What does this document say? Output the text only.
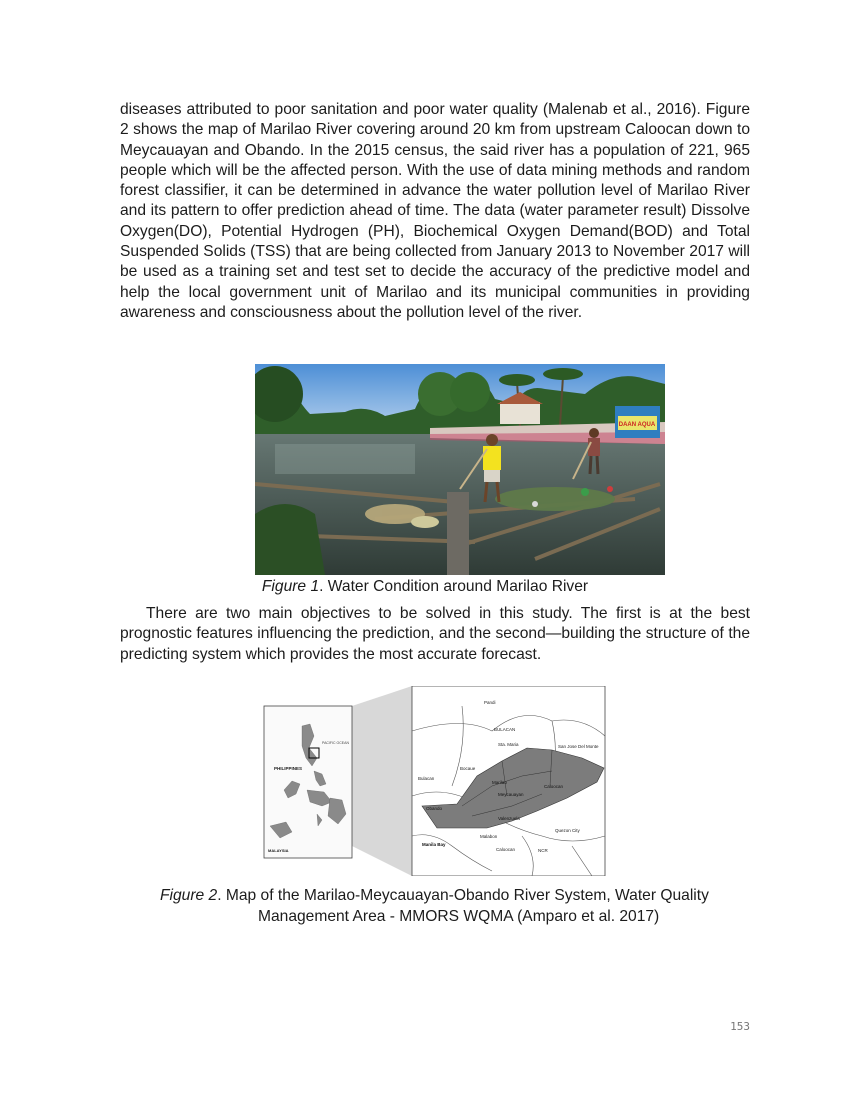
diseases attributed to poor sanitation and poor water quality (Malenab et al., 2016). Figure 2 shows the map of Marilao River covering around 20 km from upstream Caloocan down to Meycauayan and Obando. In the 2015 census, the said river has a population of 221, 965 people which will be the affected person. With the use of data mining methods and random forest classifier, it can be determined in advance the water pollution level of Marilao River and its pattern to offer prediction ahead of time. The data (water parameter result) Dissolve Oxygen(DO), Potential Hydrogen (PH), Biochemical Oxygen Demand(BOD) and Total Suspended Solids (TSS) that are being collected from January 2013 to November 2017 will be used as a training set and test set to decide the accuracy of the predictive model and help the local government unit of Marilao and its municipal communities in providing awareness and consciousness about the pollution level of the river.

DAAN AQUA

Figure 1. Water Condition around Marilao River

There are two main objectives to be solved in this study. The first is at the best prognostic features influencing the prediction, and the second—building the structure of the predicting system which provides the most accurate forecast.

PHILIPPINES
PACIFIC OCEAN
MALAYSIA
Pandi
BULACAN
Sta. Maria	San Jose Del Monte
Bocaue
Bulacan
Marilao
Meycauayan
Caloocan
Obando
Valenzuela
Quezon City
Manila Bay
Malabon
Caloocan	NCR

Figure 2. Map of the Marilao-Meycauayan-Obando River System, Water Quality

Management Area - MMORS WQMA (Amparo et al. 2017)

153
